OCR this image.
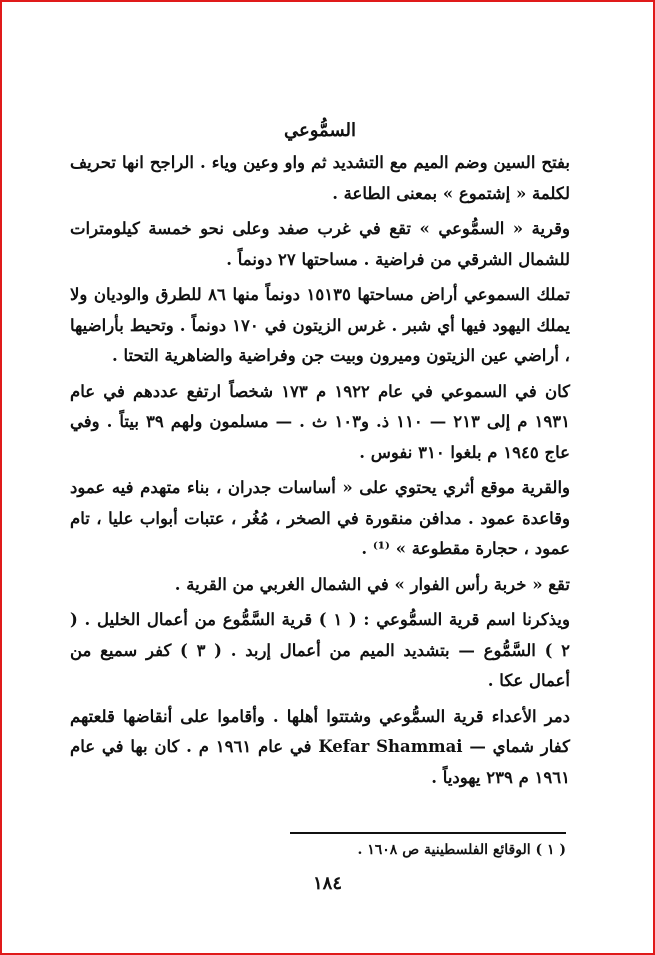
السمُّوعي

بفتح السين وضم الميم مع التشديد ثم واو وعين وياء . الراجح انها تحريف لكلمة « إشتموع » بمعنى الطاعة .

وقرية « السمُّوعي » تقع في غرب صفد وعلى نحو خمسة كيلومترات للشمال الشرقي من فراضية . مساحتها ٢٧ دونماً .

تملك السموعي أراض مساحتها ١٥١٣٥ دونماً منها ٨٦ للطرق والوديان ولا يملك اليهود فيها أي شبر . غرس الزيتون في ١٧٠ دونماً . وتحيط بأراضيها ، أراضي عين الزيتون وميرون وبيت جن وفراضية والضاهرية التحتا .

كان في السموعي في عام ١٩٢٢ م ١٧٣ شخصاً ارتفع عددهم في عام ١٩٣١ م إلى ٢١٣ — ١١٠ ذ. و١٠٣ ث . — مسلمون ولهم ٣٩ بيتاً . وفي عاج ١٩٤٥ م بلغوا ٣١٠ نفوس .

والقرية موقع أثري يحتوي على « أساسات جدران ، بناء متهدم فيه عمود وقاعدة عمود . مدافن منقورة في الصخر ، مُغُر ، عتبات أبواب عليا ، تام عمود ، حجارة مقطوعة » ⁽¹⁾ .

تقع « خربة رأس الفوار » في الشمال الغربي من القرية .

ويذكرنا اسم قرية السمُّوعي : ( ١ ) قرية السَّمُّوع من أعمال الخليل . ( ٢ ) السَّمُّوع — بتشديد الميم من أعمال إربد . ( ٣ ) كفر سميع من أعمال عكا .

دمر الأعداء قرية السمُّوعي وشتتوا أهلها . وأقاموا على أنقاضها قلعتهم كفار شماي — Kefar Shammai في عام ١٩٦١ م . كان بها في عام ١٩٦١ م ٢٣٩ يهودياً .

( ١ ) الوقائع الفلسطينية ص ١٦٠٨ .
١٨٤
